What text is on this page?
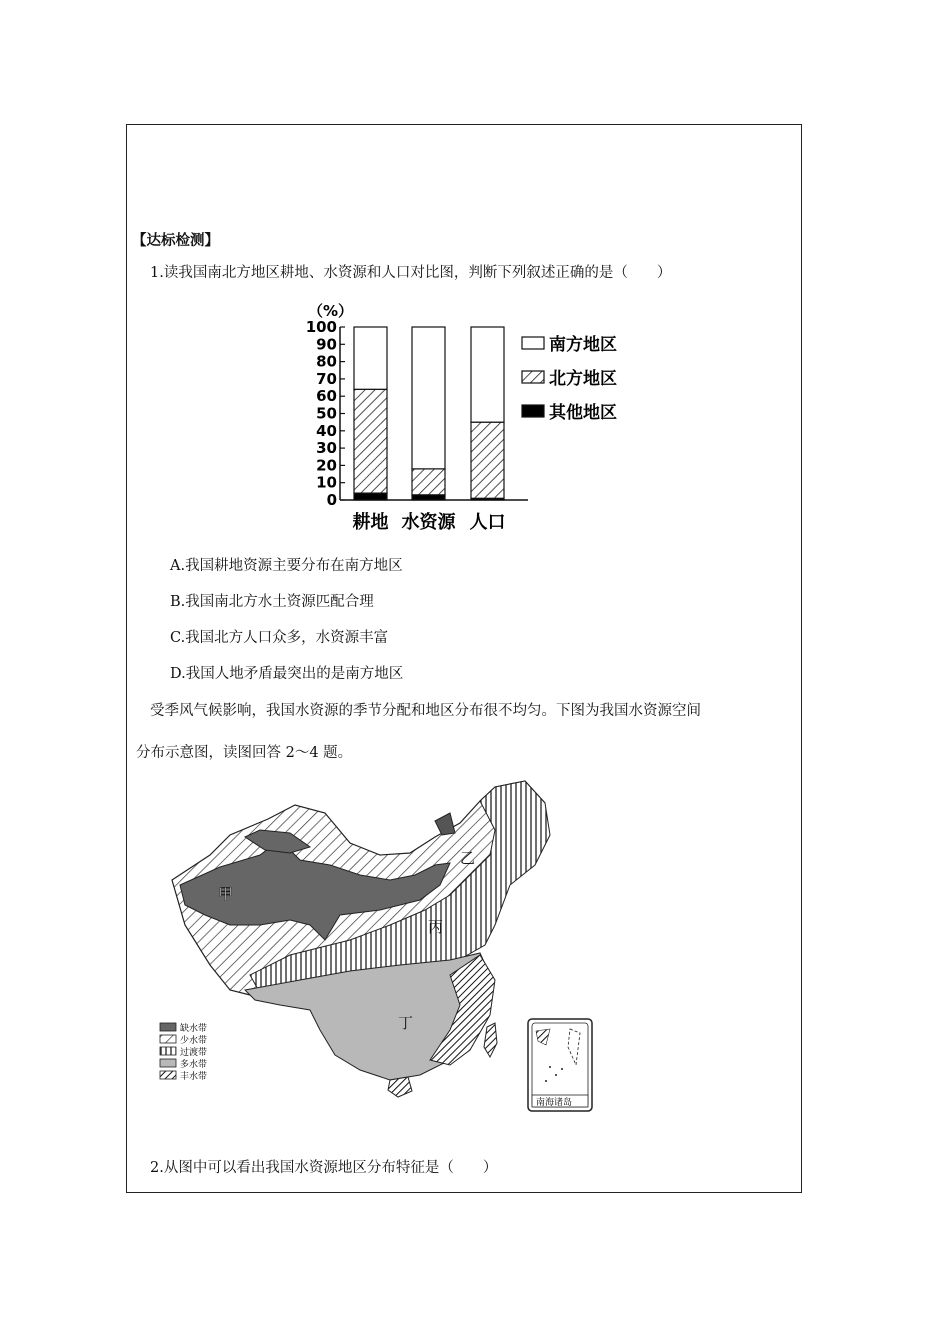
【达标检测】
1.读我国南北方地区耕地、水资源和人口对比图，判断下列叙述正确的是（　　）
（%）
0
10
20
30
40
50
60
70
80
90
100
耕地 水资源 人口
南方地区
北方地区
其他地区
A.我国耕地资源主要分布在南方地区
B.我国南北方水土资源匹配合理
C.我国北方人口众多，水资源丰富
D.我国人地矛盾最突出的是南方地区
受季风气候影响，我国水资源的季节分配和地区分布很不均匀。下图为我国水资源空间
分布示意图，读图回答 2～4 题。
甲
乙
丙
丁
缺水带
少水带
过渡带
多水带
丰水带
南海诸岛
2.从图中可以看出我国水资源地区分布特征是（　　）
